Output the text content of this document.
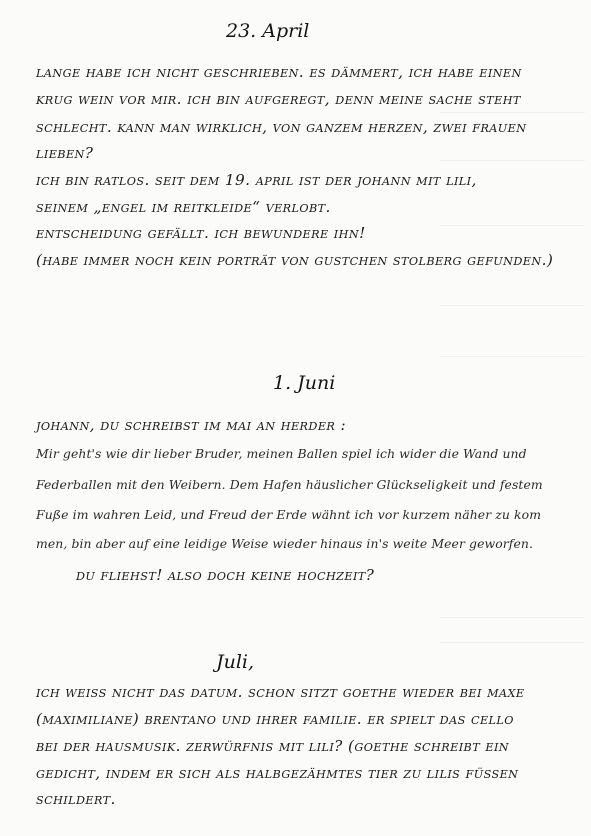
23. April
lange habe ich nicht geschrieben. es dämmert, ich habe einen
krug wein vor mir. ich bin aufgeregt, denn meine sache steht
schlecht. kann man wirklich, von ganzem herzen, zwei frauen
lieben?
ich bin ratlos. seit dem 19. april ist der johann mit lili,
seinem „engel im reitkleide“ verlobt.
entscheidung gefällt. ich bewundere ihn!
(habe immer noch kein porträt von gustchen stolberg gefunden.)
1. Juni
johann, du schreibst im mai an herder :
Mir geht's wie dir lieber Bruder, meinen Ballen spiel ich wider die Wand und
Federballen mit den Weibern. Dem Hafen häuslicher Glückseligkeit und festem
Fuße im wahren Leid, und Freud der Erde wähnt ich vor kurzem näher zu kom
men, bin aber auf eine leidige Weise wieder hinaus in's weite Meer geworfen.
du fliehst! also doch keine hochzeit?
Juli,
ich weiss nicht das datum. schon sitzt goethe wieder bei maxe
(maximiliane) brentano und ihrer familie. er spielt das cello
bei der hausmusik. zerwürfnis mit lili? (goethe schreibt ein
gedicht, indem er sich als halbgezähmtes tier zu lilis füssen
schildert.
